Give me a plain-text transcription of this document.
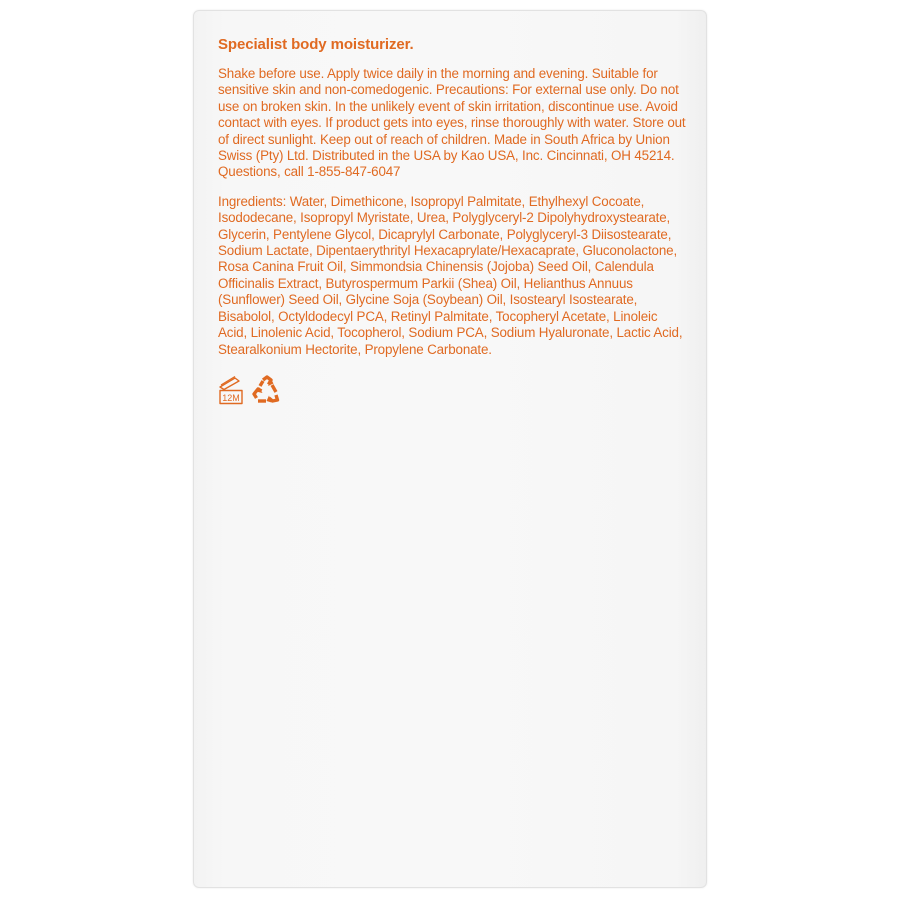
Specialist body moisturizer.

Shake before use. Apply twice daily in the morning and evening. Suitable for sensitive skin and non-comedogenic. Precautions: For external use only. Do not use on broken skin. In the unlikely event of skin irritation, discontinue use. Avoid contact with eyes. If product gets into eyes, rinse thoroughly with water. Store out of direct sunlight. Keep out of reach of children. Made in South Africa by Union Swiss (Pty) Ltd. Distributed in the USA by Kao USA, Inc. Cincinnati, OH 45214.

Questions, call 1-855-847-6047

Ingredients: Water, Dimethicone, Isopropyl Palmitate, Ethylhexyl Cocoate, Isododecane, Isopropyl Myristate, Urea, Polyglyceryl-2 Dipolyhydroxystearate, Glycerin, Pentylene Glycol, Dicaprylyl Carbonate, Polyglyceryl-3 Diisostearate, Sodium Lactate, Dipentaerythrityl Hexacaprylate/Hexacaprate, Gluconolactone, Rosa Canina Fruit Oil, Simmondsia Chinensis (Jojoba) Seed Oil, Calendula Officinalis Extract, Butyrospermum Parkii (Shea) Oil, Helianthus Annuus (Sunflower) Seed Oil, Glycine Soja (Soybean) Oil, Isostearyl Isostearate, Bisabolol, Octyldodecyl PCA, Retinyl Palmitate, Tocopheryl Acetate, Linoleic Acid, Linolenic Acid, Tocopherol, Sodium PCA, Sodium Hyaluronate, Lactic Acid, Stearalkonium Hectorite, Propylene Carbonate.

12M
